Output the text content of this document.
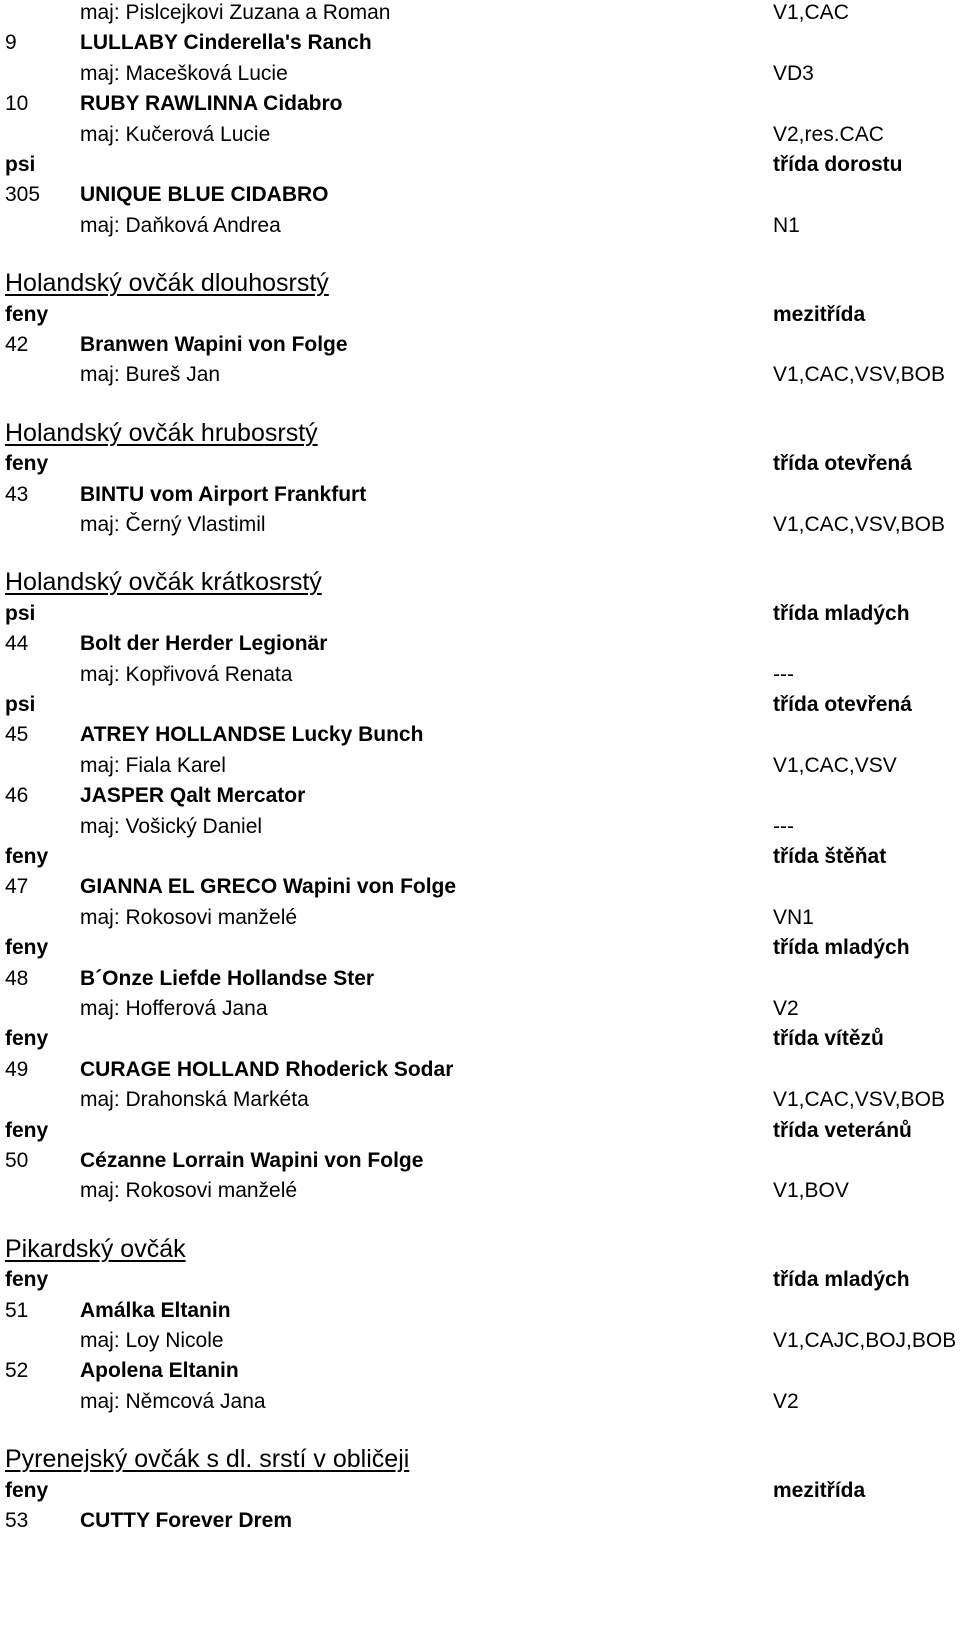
maj: Pislcejkovi Zuzana a Roman	V1,CAC
9	LULLABY Cinderella's Ranch
maj: Macešková Lucie	VD3
10 RUBY RAWLINNA Cidabro
maj: Kučerová Lucie	V2,res.CAC
psi	třída dorostu
305 UNIQUE BLUE CIDABRO
maj: Daňková Andrea	N1
Holandský ovčák dlouhosrstý
feny	mezitřída
42 Branwen Wapini von Folge
maj: Bureš Jan	V1,CAC,VSV,BOB
Holandský ovčák hrubosrstý
feny	třída otevřená
43 BINTU vom Airport Frankfurt
maj: Černý Vlastimil	V1,CAC,VSV,BOB
Holandský ovčák krátkosrstý
psi	třída mladých
44 Bolt der Herder Legionär
maj: Kopřivová Renata	---
psi	třída otevřená
45 ATREY HOLLANDSE Lucky Bunch
maj: Fiala Karel	V1,CAC,VSV
46 JASPER Qalt Mercator
maj: Vošický Daniel	---
feny	třída štěňat
47 GIANNA EL GRECO Wapini von Folge
maj: Rokosovi manželé	VN1
feny	třída mladých
48 B´Onze Liefde Hollandse Ster
maj: Hofferová Jana	V2
feny	třída vítězů
49 CURAGE HOLLAND Rhoderick Sodar
maj: Drahonská Markéta	V1,CAC,VSV,BOB
feny	třída veteránů
50 Cézanne Lorrain Wapini von Folge
maj: Rokosovi manželé	V1,BOV
Pikardský ovčák
feny	třída mladých
51 Amálka Eltanin
maj: Loy Nicole	V1,CAJC,BOJ,BOB
52 Apolena Eltanin
maj: Němcová Jana	V2
Pyrenejský ovčák s dl. srstí v obličeji
feny	mezitřída
53 CUTTY Forever Drem
